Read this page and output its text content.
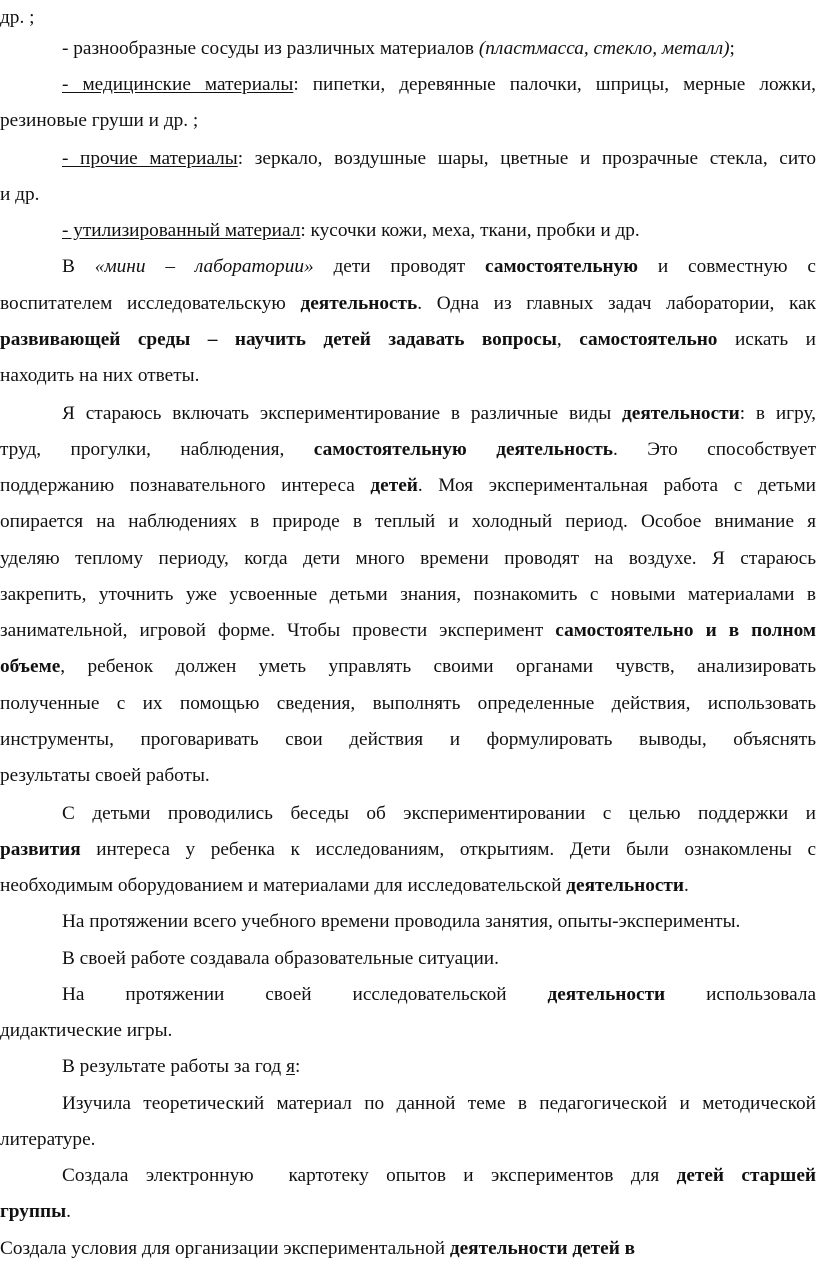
др. ;
- разнообразные сосуды из различных материалов (пластмасса, стекло, металл);
- медицинские материалы: пипетки, деревянные палочки, шприцы, мерные ложки,
резиновые груши и др. ;
- прочие материалы: зеркало, воздушные шары, цветные и прозрачные стекла, сито
и др.
- утилизированный материал: кусочки кожи, меха, ткани, пробки и др.
В «мини – лаборатории» дети проводят самостоятельную и совместную с
воспитателем исследовательскую деятельность. Одна из главных задач лаборатории, как
развивающей среды – научить детей задавать вопросы, самостоятельно искать и
находить на них ответы.
Я стараюсь включать экспериментирование в различные виды деятельности: в игру,
труд, прогулки, наблюдения, самостоятельную деятельность. Это способствует
поддержанию познавательного интереса детей. Моя экспериментальная работа с детьми
опирается на наблюдениях в природе в теплый и холодный период. Особое внимание я
уделяю теплому периоду, когда дети много времени проводят на воздухе. Я стараюсь
закрепить, уточнить уже усвоенные детьми знания, познакомить с новыми материалами в
занимательной, игровой форме. Чтобы провести эксперимент самостоятельно и в полном
объеме, ребенок должен уметь управлять своими органами чувств, анализировать
полученные с их помощью сведения, выполнять определенные действия, использовать
инструменты, проговаривать свои действия и формулировать выводы, объяснять
результаты своей работы.
С детьми проводились беседы об экспериментировании с целью поддержки и
развития интереса у ребенка к исследованиям, открытиям. Дети были ознакомлены с
необходимым оборудованием и материалами для исследовательской деятельности.
На протяжении всего учебного времени проводила занятия, опыты-эксперименты.
В своей работе создавала образовательные ситуации.
На протяжении своей исследовательской деятельности использовала
дидактические игры.
В результате работы за год я:
Изучила теоретический материал по данной теме в педагогической и методической
литературе.
Создала электронную  картотеку опытов и экспериментов для детей старшей
группы.
Создала условия для организации экспериментальной деятельности детей в
